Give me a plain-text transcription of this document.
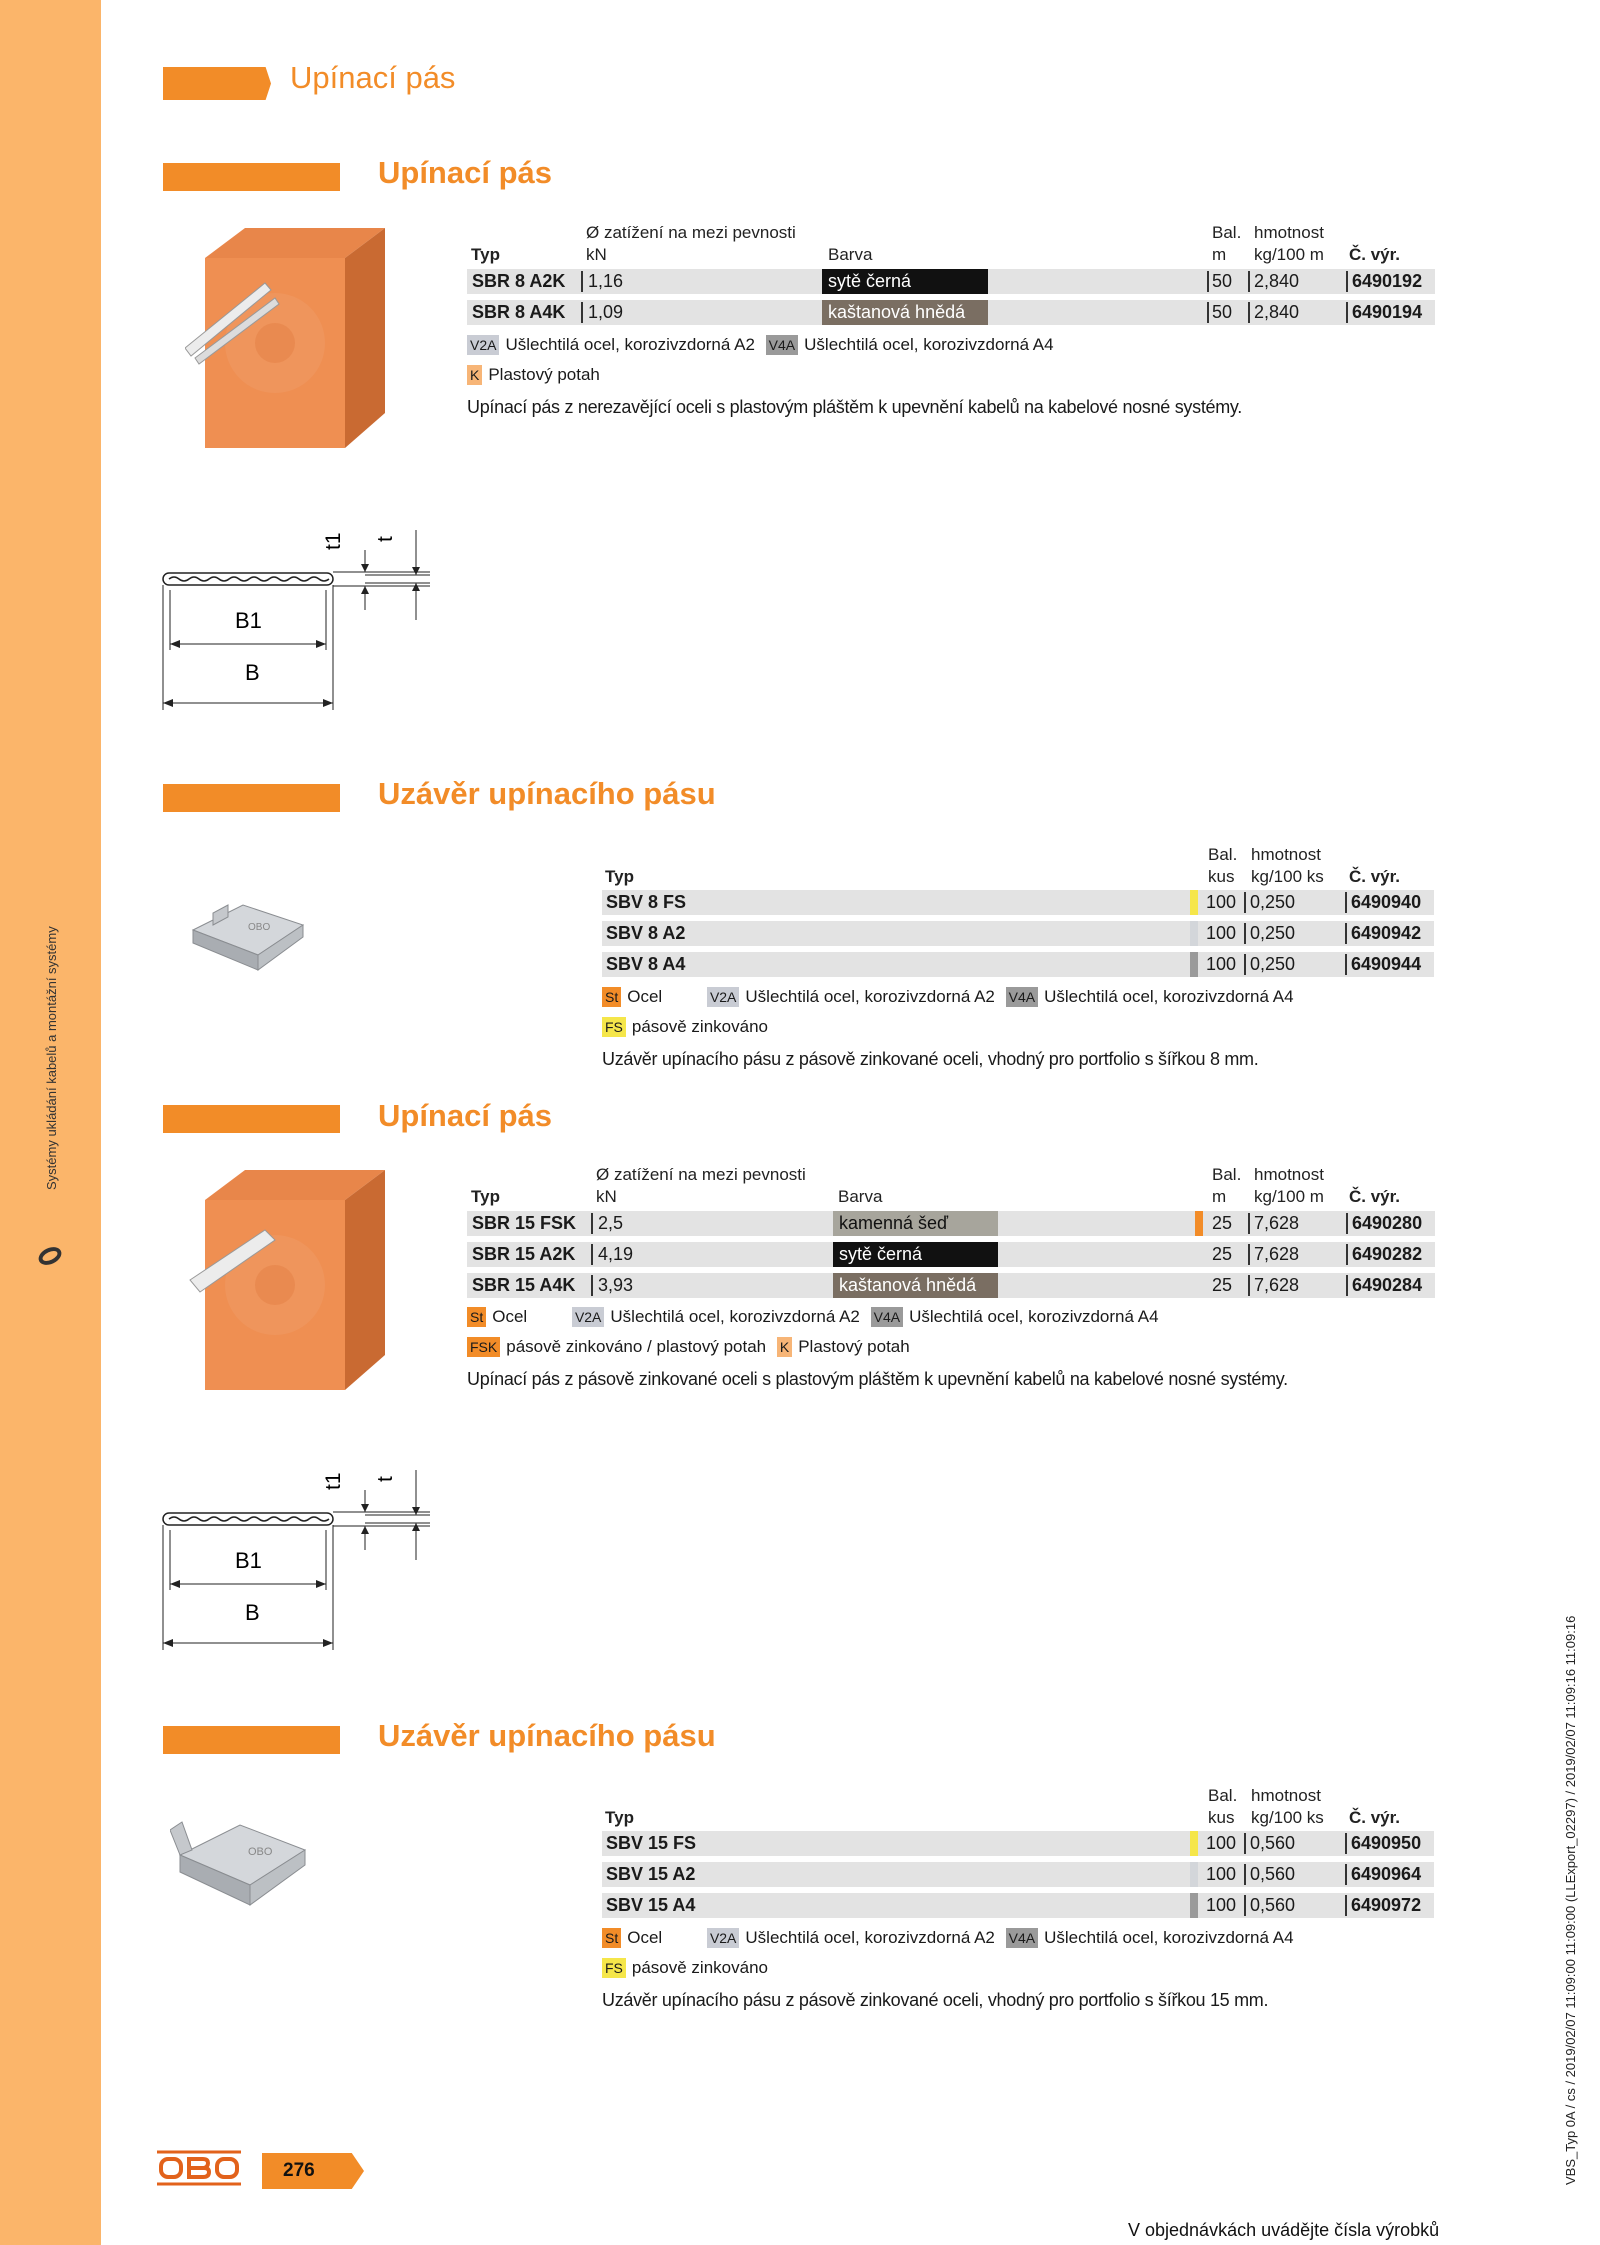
Systémy ukládání kabelů a montážní systémy
Upínací pás
Upínací pás
Ø zatížení na mezi pevnosti
kN
Typ	Barva
Bal.
m
hmotnost
kg/100 m Č. výr.
SBR 8 A2K 1,16	sytě černá	50 2,840	6490192
SBR 8 A4K 1,09	kaštanová hnědá	50 2,840	6490194
V2A Ušlechtilá ocel, korozivzdorná A2 V4A Ušlechtilá ocel, korozivzdorná A4
K Plastový potah
Upínací pás z nerezavějící oceli s plastovým pláštěm k upevnění kabelů na kabelové nosné systémy.
t1 t
B1
B
Uzávěr upínacího pásu
OBO
Bal.
kus
hmotnost
kg/100 ks Č. výr.
Typ
SBV 8 FS	100 0,250	6490940
SBV 8 A2	100 0,250	6490942
SBV 8 A4	100 0,250	6490944
St Ocel	V2A Ušlechtilá ocel, korozivzdorná A2 V4A Ušlechtilá ocel, korozivzdorná A4
FS pásově zinkováno
Uzávěr upínacího pásu z pásově zinkované oceli, vhodný pro portfolio s šířkou 8 mm.
Upínací pás
Ø zatížení na mezi pevnosti
kN
Typ	Barva
Bal.
m
hmotnost
kg/100 m Č. výr.
SBR 15 FSK 2,5	kamenná šeď	25 7,628	6490280
SBR 15 A2K 4,19	sytě černá	25 7,628	6490282
SBR 15 A4K 3,93	kaštanová hnědá	25 7,628	6490284
St Ocel	V2A Ušlechtilá ocel, korozivzdorná A2 V4A Ušlechtilá ocel, korozivzdorná A4
FSK pásově zinkováno / plastový potah K Plastový potah
Upínací pás z pásově zinkované oceli s plastovým pláštěm k upevnění kabelů na kabelové nosné systémy.
t1 t
B1
B
Uzávěr upínacího pásu
OBO
Bal.
kus
hmotnost
kg/100 ks Č. výr.
Typ
SBV 15 FS	100 0,560	6490950
SBV 15 A2	100 0,560	6490964
SBV 15 A4	100 0,560	6490972
St Ocel	V2A Ušlechtilá ocel, korozivzdorná A2 V4A Ušlechtilá ocel, korozivzdorná A4
FS pásově zinkováno
Uzávěr upínacího pásu z pásově zinkované oceli, vhodný pro portfolio s šířkou 15 mm.
276
V objednávkách uvádějte čísla výrobků
VBS_Typ 0A / cs / 2019/02/07 11:09:00 11:09:00 (LLExport_02297) / 2019/02/07 11:09:16 11:09:16
